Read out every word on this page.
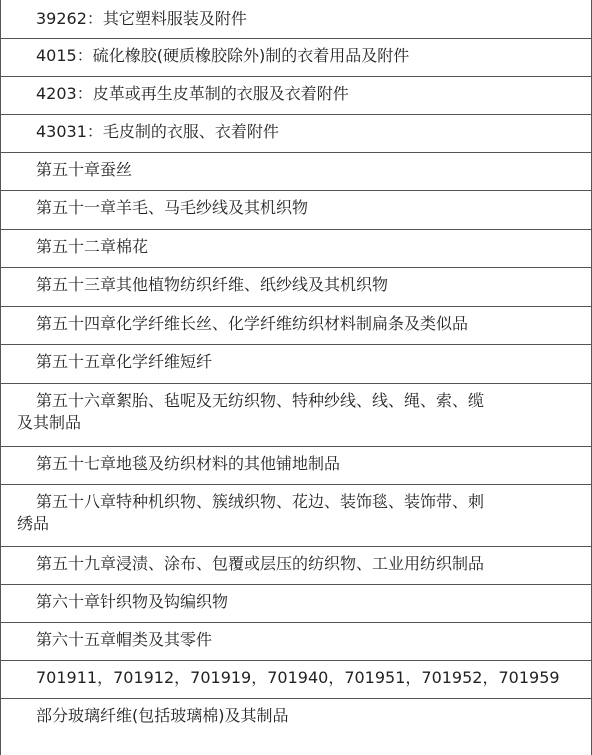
39262：其它塑料服装及附件
4015：硫化橡胶(硬质橡胶除外)制的衣着用品及附件
4203：皮革或再生皮革制的衣服及衣着附件
43031：毛皮制的衣服、衣着附件
第五十章蚕丝
第五十一章羊毛、马毛纱线及其机织物
第五十二章棉花
第五十三章其他植物纺织纤维、纸纱线及其机织物
第五十四章化学纤维长丝、化学纤维纺织材料制扁条及类似品
第五十五章化学纤维短纤
第五十六章絮胎、毡呢及无纺织物、特种纱线、线、绳、索、缆
及其制品
第五十七章地毯及纺织材料的其他铺地制品
第五十八章特种机织物、簇绒织物、花边、装饰毯、装饰带、刺
绣品
第五十九章浸渍、涂布、包覆或层压的纺织物、工业用纺织制品
第六十章针织物及钩编织物
第六十五章帽类及其零件
701911，701912，701919，701940，701951，701952，701959
部分玻璃纤维(包括玻璃棉)及其制品
